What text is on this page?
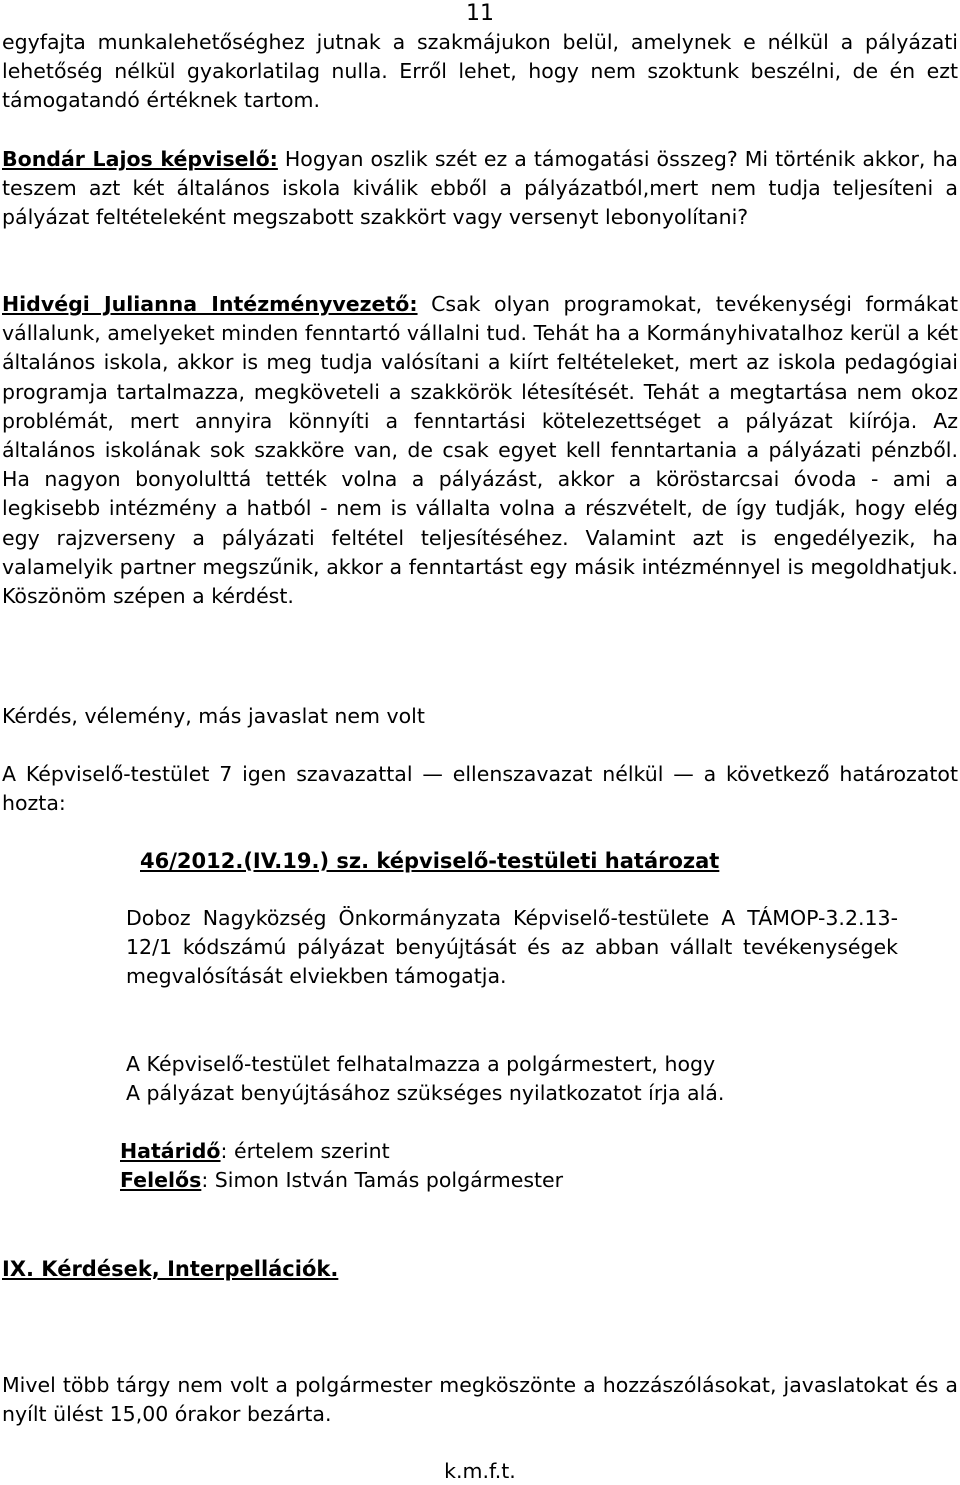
11

egyfajta munkalehetőséghez jutnak a szakmájukon belül, amelynek e nélkül a pályázati lehetőség nélkül gyakorlatilag nulla. Erről lehet, hogy nem szoktunk beszélni, de én ezt támogatandó értéknek tartom.

Bondár Lajos képviselő: Hogyan oszlik szét ez a támogatási összeg? Mi történik akkor, ha teszem azt két általános iskola kiválik ebből a pályázatból,mert nem tudja teljesíteni a pályázat feltételeként megszabott szakkört vagy versenyt lebonyolítani?

Hidvégi Julianna Intézményvezető: Csak olyan programokat, tevékenységi formákat vállalunk, amelyeket minden fenntartó vállalni tud. Tehát ha a Kormányhivatalhoz kerül a két általános iskola, akkor is meg tudja valósítani a kiírt feltételeket, mert az iskola pedagógiai programja tartalmazza, megköveteli a szakkörök létesítését. Tehát a megtartása nem okoz problémát, mert annyira könnyíti a fenntartási kötelezettséget a pályázat kiírója. Az általános iskolának sok szakköre van, de csak egyet kell fenntartania a pályázati pénzből. Ha nagyon bonyolulttá tették volna a pályázást, akkor a köröstarcsai óvoda - ami a legkisebb intézmény a hatból - nem is vállalta volna a részvételt, de így tudják, hogy elég egy rajzverseny a pályázati feltétel teljesítéséhez. Valamint azt is engedélyezik, ha valamelyik partner megszűnik, akkor a fenntartást egy másik intézménnyel is megoldhatjuk. Köszönöm szépen a kérdést.

Kérdés, vélemény, más javaslat nem volt

A Képviselő-testület 7 igen szavazattal — ellenszavazat nélkül — a következő határozatot hozta:

46/2012.(IV.19.) sz. képviselő-testületi határozat

Doboz Nagyközség Önkormányzata Képviselő-testülete A TÁMOP-3.2.13-12/1 kódszámú pályázat benyújtását és az abban vállalt tevékenységek megvalósítását elviekben támogatja.

A Képviselő-testület felhatalmazza a polgármestert, hogy

A pályázat benyújtásához szükséges nyilatkozatot írja alá.

Határidő: értelem szerint

Felelős: Simon István Tamás polgármester

IX. Kérdések, Interpellációk.

Mivel több tárgy nem volt a polgármester megköszönte a hozzászólásokat, javaslatokat és a nyílt ülést 15,00 órakor bezárta.

k.m.f.t.
